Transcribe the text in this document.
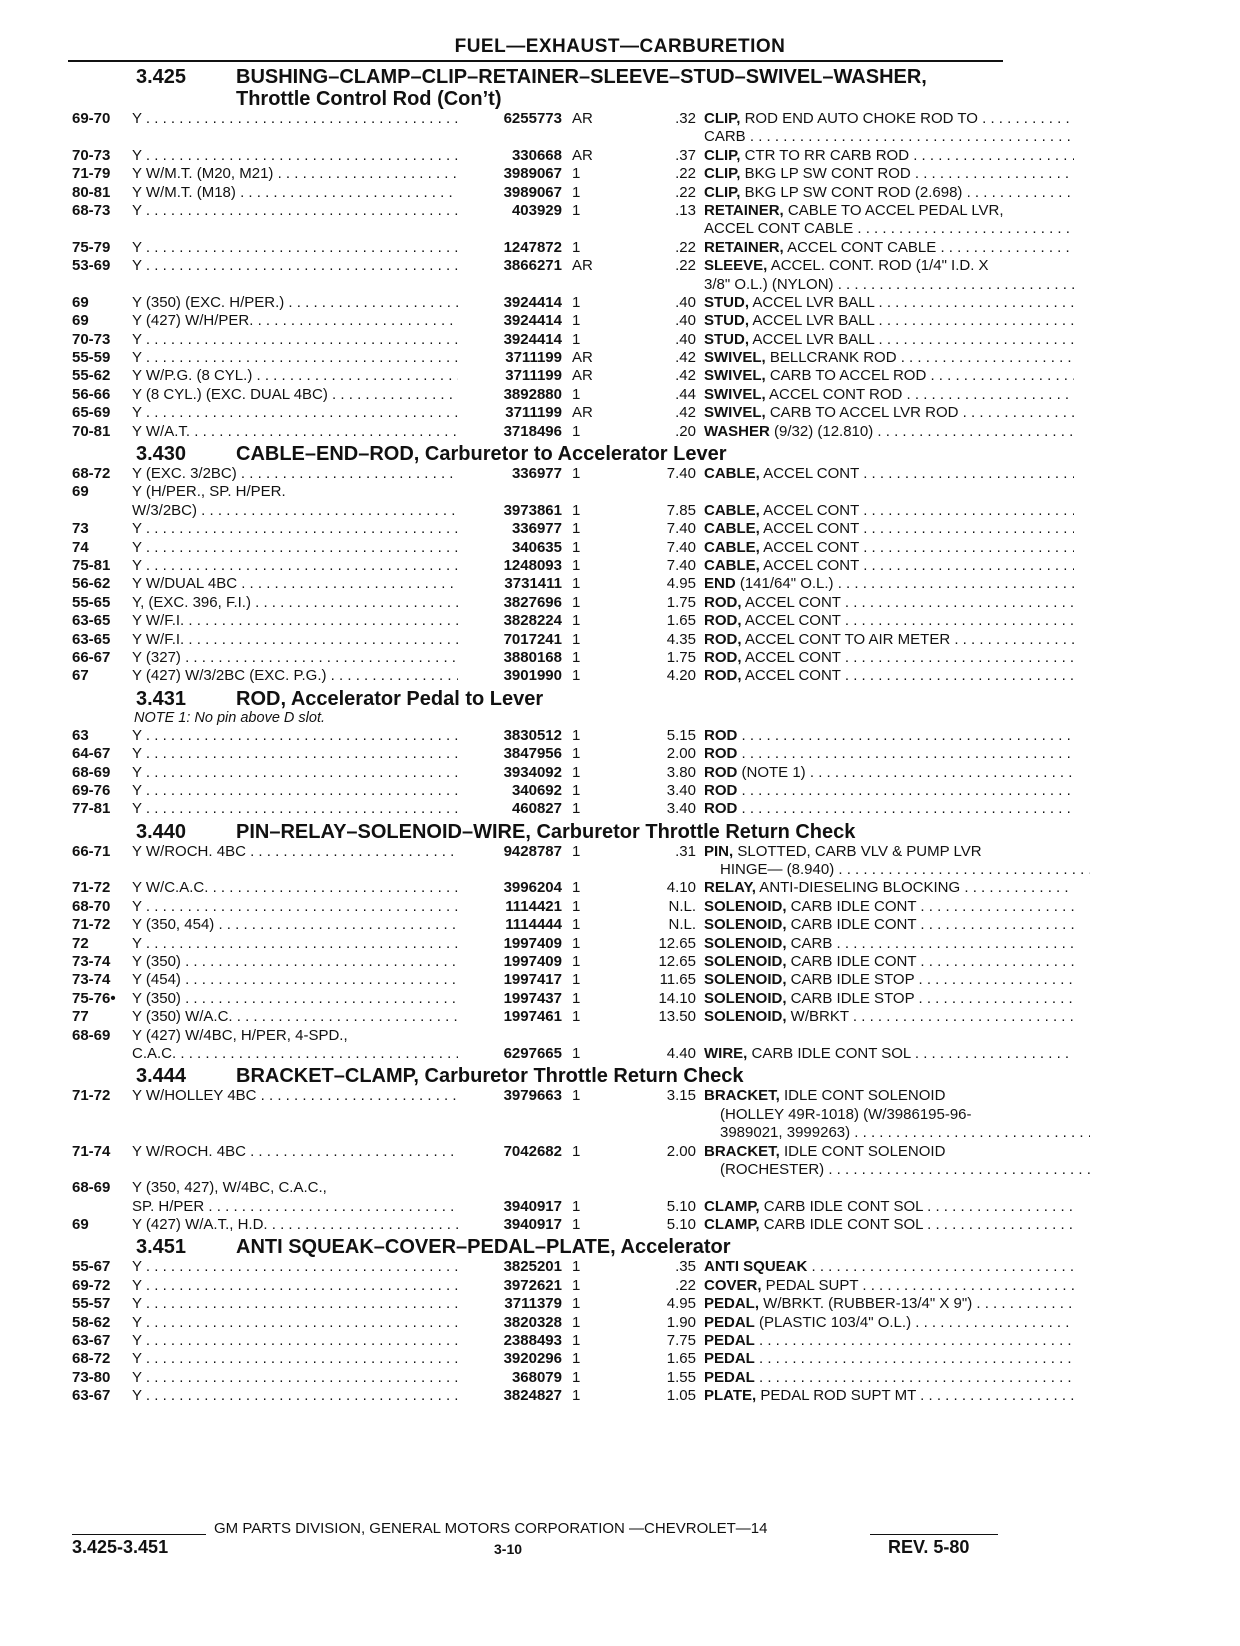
FUEL—EXHAUST—CARBURETION
3.425 BUSHING–CLAMP–CLIP–RETAINER–SLEEVE–STUD–SWIVEL–WASHER,
Throttle Control Rod (Con’t)
69-70 Y . . .	6255773 AR	.32 CLIP, ROD END AUTO CHOKE ROD TO . . .
CARB . . .
70-73 Y . . .	330668 AR	.37 CLIP, CTR TO RR CARB ROD . . .
71-79 Y W/M.T. (M20, M21) . . .	3989067 1	.22 CLIP, BKG LP SW CONT ROD . . .
80-81 Y W/M.T. (M18) . . .	3989067 1	.22 CLIP, BKG LP SW CONT ROD (2.698) . . .
68-73 Y . . .	403929 1	.13 RETAINER, CABLE TO ACCEL PEDAL LVR,
ACCEL CONT CABLE . . .
75-79 Y . . .	1247872 1	.22 RETAINER, ACCEL CONT CABLE . . .
53-69 Y . . .	3866271 AR	.22 SLEEVE, ACCEL. CONT. ROD (1/4" I.D. X
3/8" O.L.) (NYLON) . . .
69	Y (350) (EXC. H/PER.) . . .	3924414 1	.40 STUD, ACCEL LVR BALL . . .
69	Y (427) W/H/PER. . . .	3924414 1	.40 STUD, ACCEL LVR BALL . . .
70-73 Y . . .	3924414 1	.40 STUD, ACCEL LVR BALL . . .
55-59 Y . . .	3711199 AR	.42 SWIVEL, BELLCRANK ROD . . .
55-62 Y W/P.G. (8 CYL.) . . .	3711199 AR	.42 SWIVEL, CARB TO ACCEL ROD . . .
56-66 Y (8 CYL.) (EXC. DUAL 4BC) . . .	3892880 1	.44 SWIVEL, ACCEL CONT ROD . . .
65-69 Y . . .	3711199 AR	.42 SWIVEL, CARB TO ACCEL LVR ROD . . .
70-81 Y W/A.T. . . .	3718496 1	.20 WASHER (9/32) (12.810) . . .
3.430 CABLE–END–ROD, Carburetor to Accelerator Lever
68-72 Y (EXC. 3/2BC) . . .	336977 1	7.40 CABLE, ACCEL CONT . . .
69	Y (H/PER., SP. H/PER.
W/3/2BC) . . .	3973861 1	7.85 CABLE, ACCEL CONT . . .
73	Y . . .	336977 1	7.40 CABLE, ACCEL CONT . . .
74	Y . . .	340635 1	7.40 CABLE, ACCEL CONT . . .
75-81 Y . . .	1248093 1	7.40 CABLE, ACCEL CONT . . .
56-62 Y W/DUAL 4BC . . .	3731411 1	4.95 END (141/64" O.L.) . . .
55-65 Y, (EXC. 396, F.I.) . . .	3827696 1	1.75 ROD, ACCEL CONT . . .
63-65 Y W/F.I. . . .	3828224 1	1.65 ROD, ACCEL CONT . . .
63-65 Y W/F.I. . . .	7017241 1	4.35 ROD, ACCEL CONT TO AIR METER . . .
66-67 Y (327) . . .	3880168 1	1.75 ROD, ACCEL CONT . . .
67	Y (427) W/3/2BC (EXC. P.G.) . . .	3901990 1	4.20 ROD, ACCEL CONT . . .
3.431 ROD, Accelerator Pedal to Lever
NOTE 1: No pin above D slot.
63	Y . . .	3830512 1	5.15 ROD . . .
64-67 Y . . .	3847956 1	2.00 ROD . . .
68-69 Y . . .	3934092 1	3.80 ROD (NOTE 1) . . .
69-76 Y . . .	340692 1	3.40 ROD . . .
77-81 Y . . .	460827 1	3.40 ROD . . .
3.440 PIN–RELAY–SOLENOID–WIRE, Carburetor Throttle Return Check
66-71 Y W/ROCH. 4BC . . .	9428787 1	.31 PIN, SLOTTED, CARB VLV & PUMP LVR
HINGE— (8.940) . . .
71-72 Y W/C.A.C. . . .	3996204 1	4.10 RELAY, ANTI-DIESELING BLOCKING . . .
68-70 Y . . .	1114421 1	N.L. SOLENOID, CARB IDLE CONT . . .
71-72 Y (350, 454) . . .	1114444 1	N.L. SOLENOID, CARB IDLE CONT . . .
72	Y . . .	1997409 1	12.65 SOLENOID, CARB . . .
73-74 Y (350) . . .	1997409 1	12.65 SOLENOID, CARB IDLE CONT . . .
73-74 Y (454) . . .	1997417 1	11.65 SOLENOID, CARB IDLE STOP . . .
75-76• Y (350) . . .	1997437 1	14.10 SOLENOID, CARB IDLE STOP . . .
77	Y (350) W/A.C. . . .	1997461 1	13.50 SOLENOID, W/BRKT . . .
68-69 Y (427) W/4BC, H/PER, 4-SPD.,
C.A.C. . . .	6297665 1	4.40 WIRE, CARB IDLE CONT SOL . . .
3.444 BRACKET–CLAMP, Carburetor Throttle Return Check
71-72 Y W/HOLLEY 4BC . . .	3979663 1	3.15 BRACKET, IDLE CONT SOLENOID
(HOLLEY 49R-1018) (W/3986195-96-
3989021, 3999263) . . .
71-74 Y W/ROCH. 4BC . . .	7042682 1	2.00 BRACKET, IDLE CONT SOLENOID
(ROCHESTER) . . .
68-69 Y (350, 427), W/4BC, C.A.C.,
SP. H/PER . . .	3940917 1	5.10 CLAMP, CARB IDLE CONT SOL . . .
69	Y (427) W/A.T., H.D. . . .	3940917 1	5.10 CLAMP, CARB IDLE CONT SOL . . .
3.451 ANTI SQUEAK–COVER–PEDAL–PLATE, Accelerator
55-67 Y . . .	3825201 1	.35 ANTI SQUEAK . . .
69-72 Y . . .	3972621 1	.22 COVER, PEDAL SUPT . . .
55-57 Y . . .	3711379 1	4.95 PEDAL, W/BRKT. (RUBBER-13/4" X 9") . . .
58-62 Y . . .	3820328 1	1.90 PEDAL (PLASTIC 103/4" O.L.) . . .
63-67 Y . . .	2388493 1	7.75 PEDAL . . .
68-72 Y . . .	3920296 1	1.65 PEDAL . . .
73-80 Y . . .	368079 1	1.55 PEDAL . . .
63-67 Y . . .	3824827 1	1.05 PLATE, PEDAL ROD SUPT MT . . .
GM PARTS DIVISION, GENERAL MOTORS CORPORATION —CHEVROLET—14
3.425-3.451	3-10	REV. 5-80
